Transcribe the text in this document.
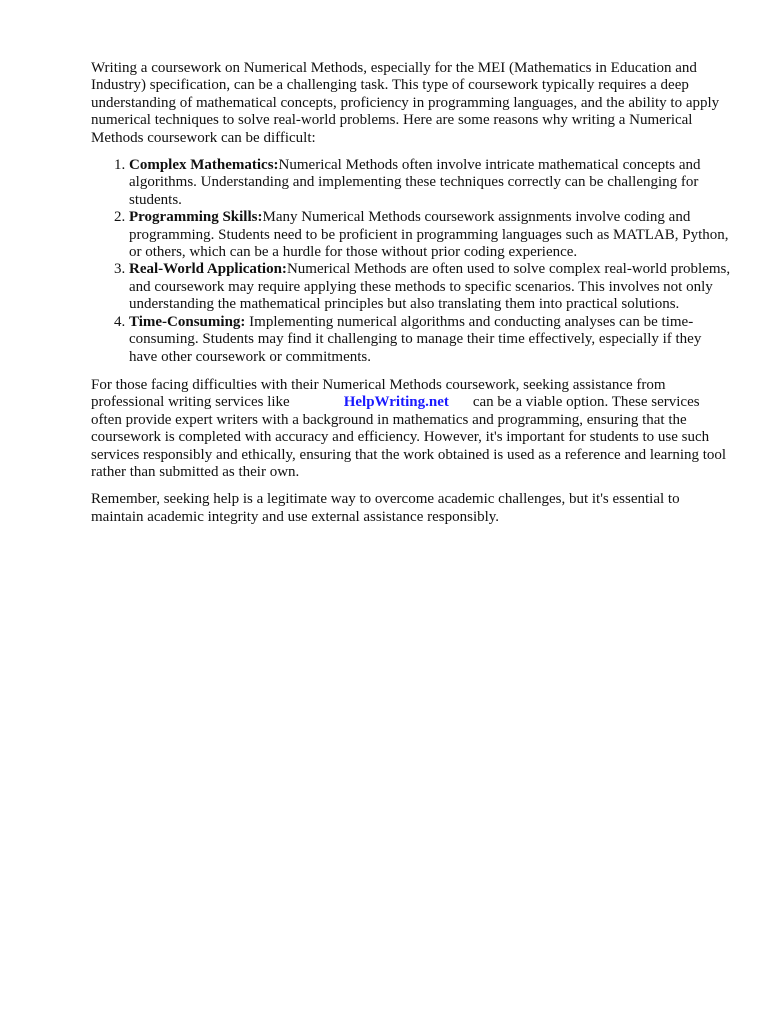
Writing a coursework on Numerical Methods, especially for the MEI (Mathematics in Education and Industry) specification, can be a challenging task. This type of coursework typically requires a deep understanding of mathematical concepts, proficiency in programming languages, and the ability to apply numerical techniques to solve real-world problems. Here are some reasons why writing a Numerical Methods coursework can be difficult:

1. Complex Mathematics:Numerical Methods often involve intricate mathematical concepts and algorithms. Understanding and implementing these techniques correctly can be challenging for students.
2. Programming Skills:Many Numerical Methods coursework assignments involve coding and programming. Students need to be proficient in programming languages such as MATLAB, Python, or others, which can be a hurdle for those without prior coding experience.
3. Real-World Application:Numerical Methods are often used to solve complex real-world problems, and coursework may require applying these methods to specific scenarios. This involves not only understanding the mathematical principles but also translating them into practical solutions.
4. Time-Consuming: Implementing numerical algorithms and conducting analyses can be time-consuming. Students may find it challenging to manage their time effectively, especially if they have other coursework or commitments.

For those facing difficulties with their Numerical Methods coursework, seeking assistance from professional writing services like	HelpWriting.net can be a viable option. These services often provide expert writers with a background in mathematics and programming, ensuring that the coursework is completed with accuracy and efficiency. However, it's important for students to use such services responsibly and ethically, ensuring that the work obtained is used as a reference and learning tool rather than submitted as their own.

Remember, seeking help is a legitimate way to overcome academic challenges, but it's essential to maintain academic integrity and use external assistance responsibly.
